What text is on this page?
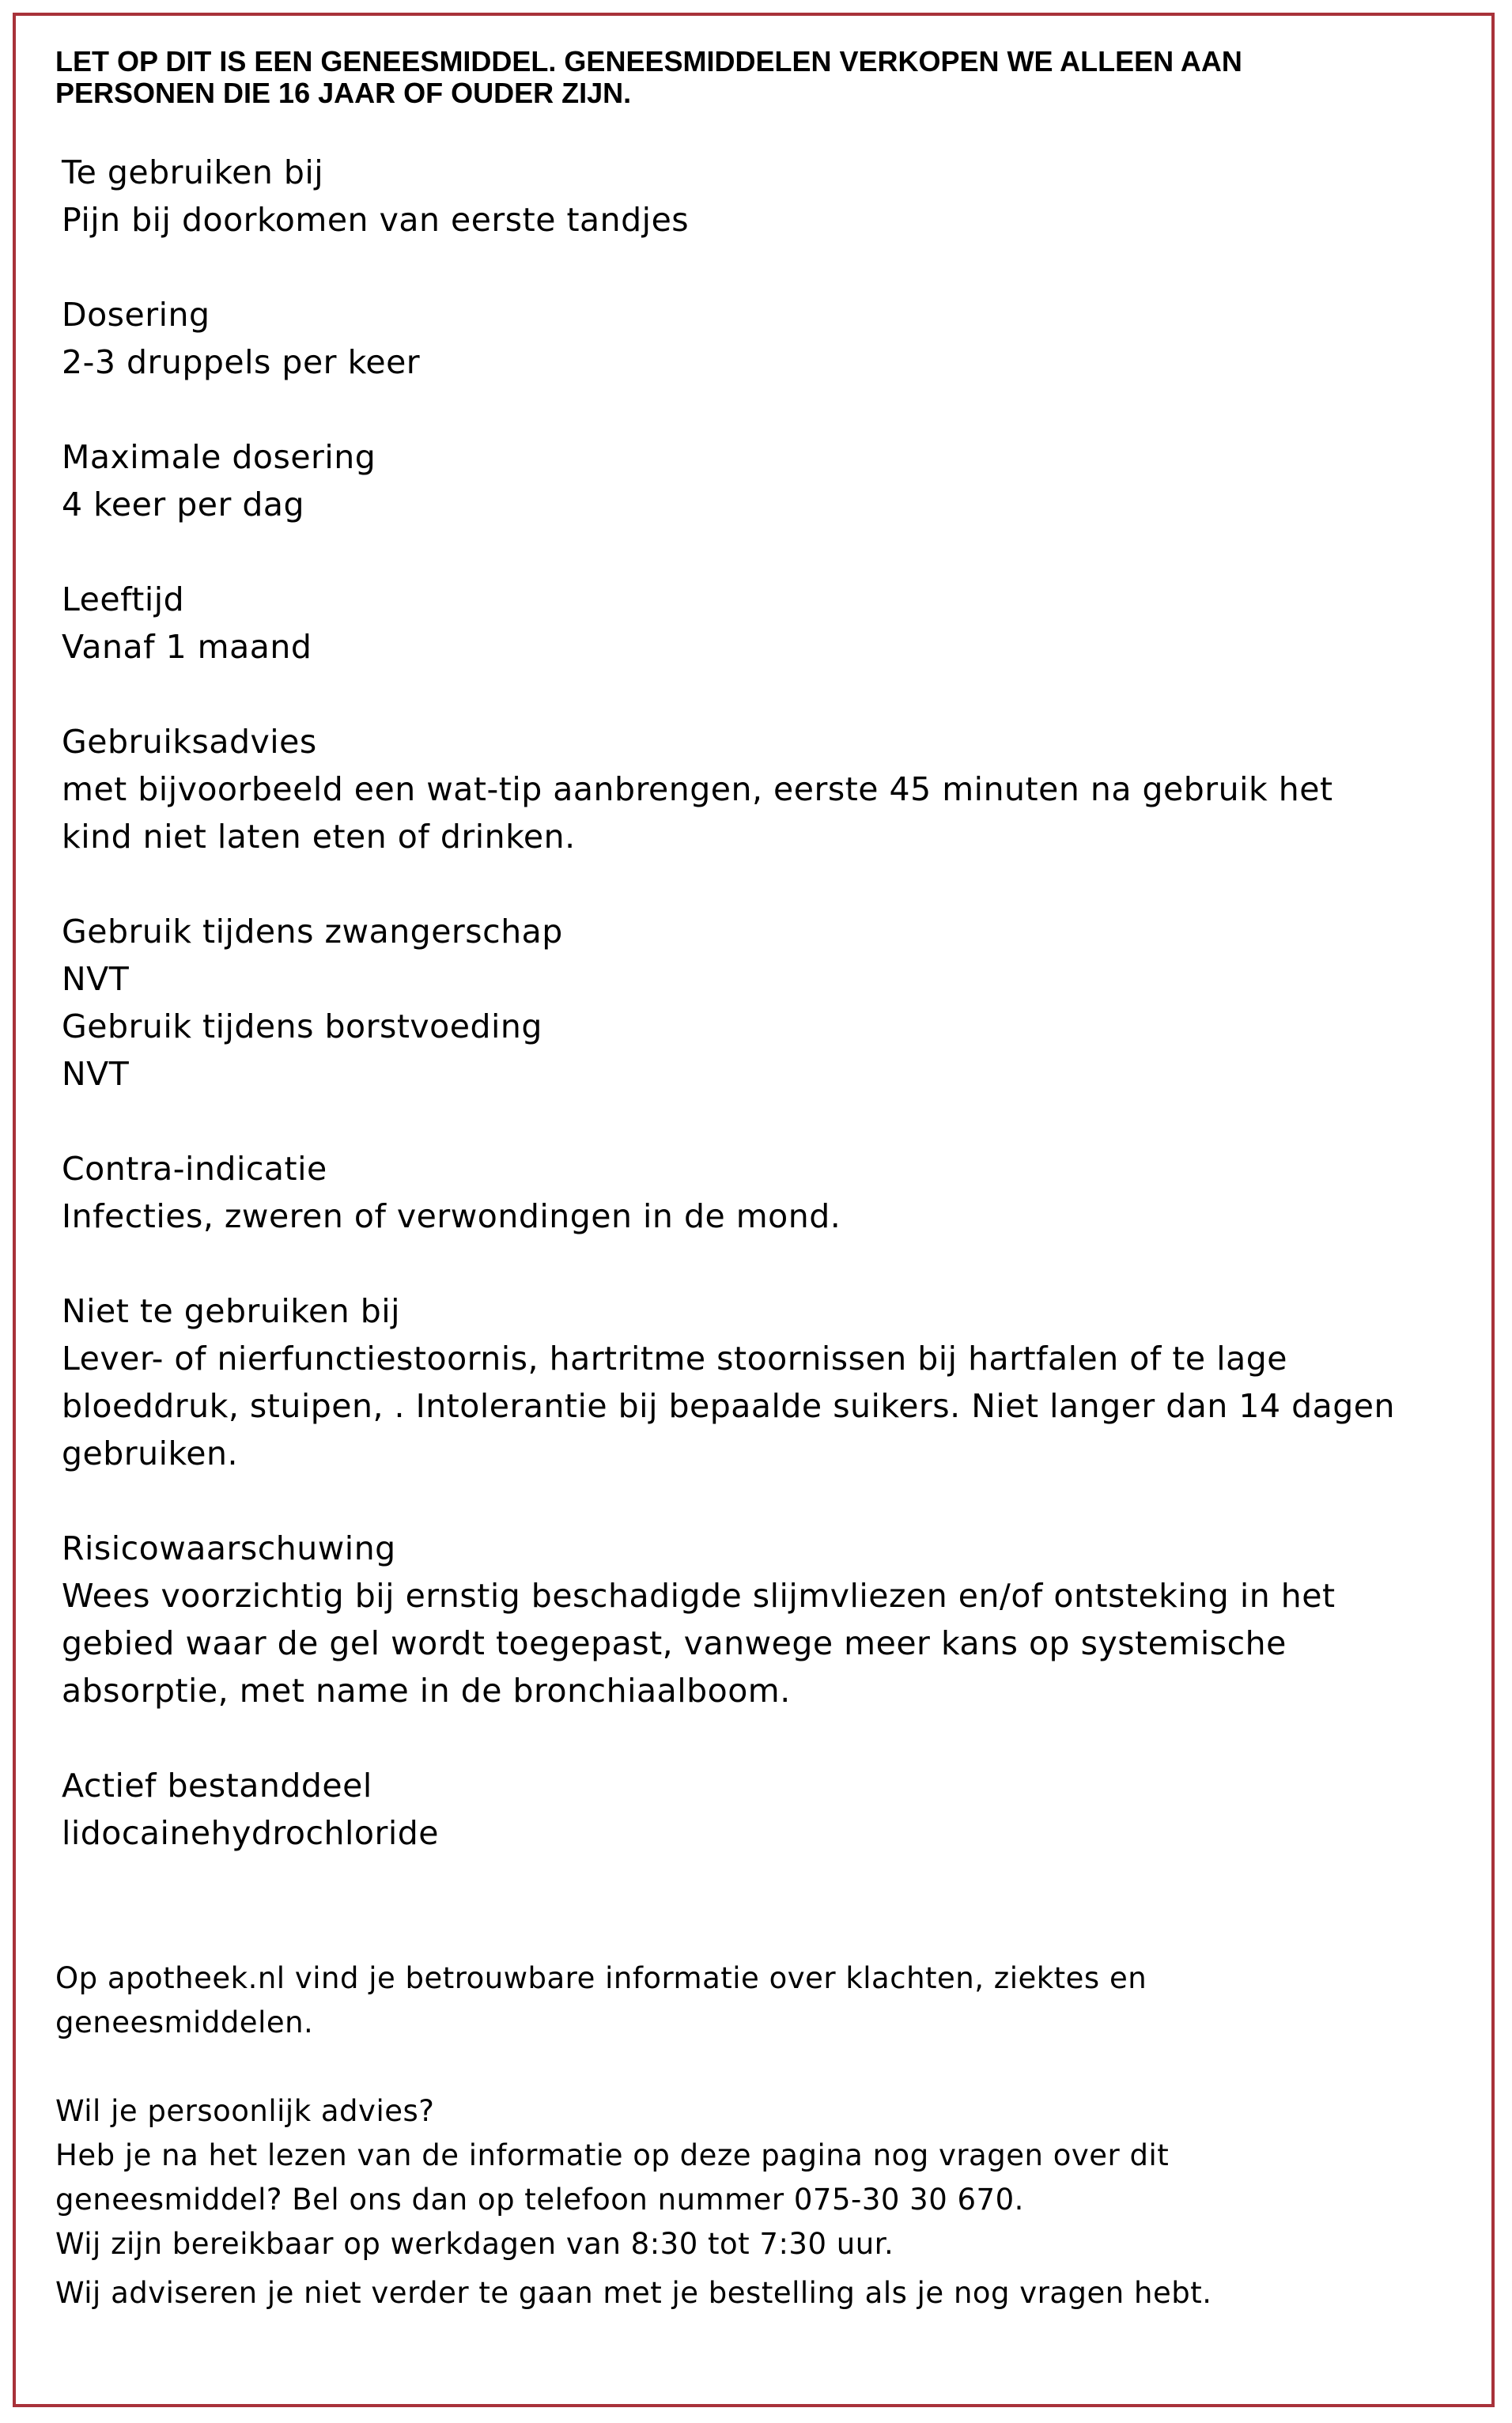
LET OP DIT IS EEN GENEESMIDDEL. GENEESMIDDELEN VERKOPEN WE ALLEEN AAN
PERSONEN DIE 16 JAAR OF OUDER ZIJN.

Te gebruiken bij
Pijn bij doorkomen van eerste tandjes
Dosering
2-3 druppels per keer
Maximale dosering
4 keer per dag
Leeftijd
Vanaf 1 maand
Gebruiksadvies
met bijvoorbeeld een wat-tip aanbrengen, eerste 45 minuten na gebruik het
kind niet laten eten of drinken.
Gebruik tijdens zwangerschap
NVT
Gebruik tijdens borstvoeding
NVT
Contra-indicatie
Infecties, zweren of verwondingen in de mond.
Niet te gebruiken bij
Lever- of nierfunctiestoornis, hartritme stoornissen bij hartfalen of te lage
bloeddruk, stuipen, . Intolerantie bij bepaalde suikers. Niet langer dan 14 dagen
gebruiken.
Risicowaarschuwing
Wees voorzichtig bij ernstig beschadigde slijmvliezen en/of ontsteking in het
gebied waar de gel wordt toegepast, vanwege meer kans op systemische
absorptie, met name in de bronchiaalboom.
Actief bestanddeel
lidocainehydrochloride
Op apotheek.nl vind je betrouwbare informatie over klachten, ziektes en
geneesmiddelen.
Wil je persoonlijk advies?
Heb je na het lezen van de informatie op deze pagina nog vragen over dit
geneesmiddel? Bel ons dan op telefoon nummer 075-30 30 670.
Wij zijn bereikbaar op werkdagen van 8:30 tot 7:30 uur.
Wij adviseren je niet verder te gaan met je bestelling als je nog vragen hebt.
